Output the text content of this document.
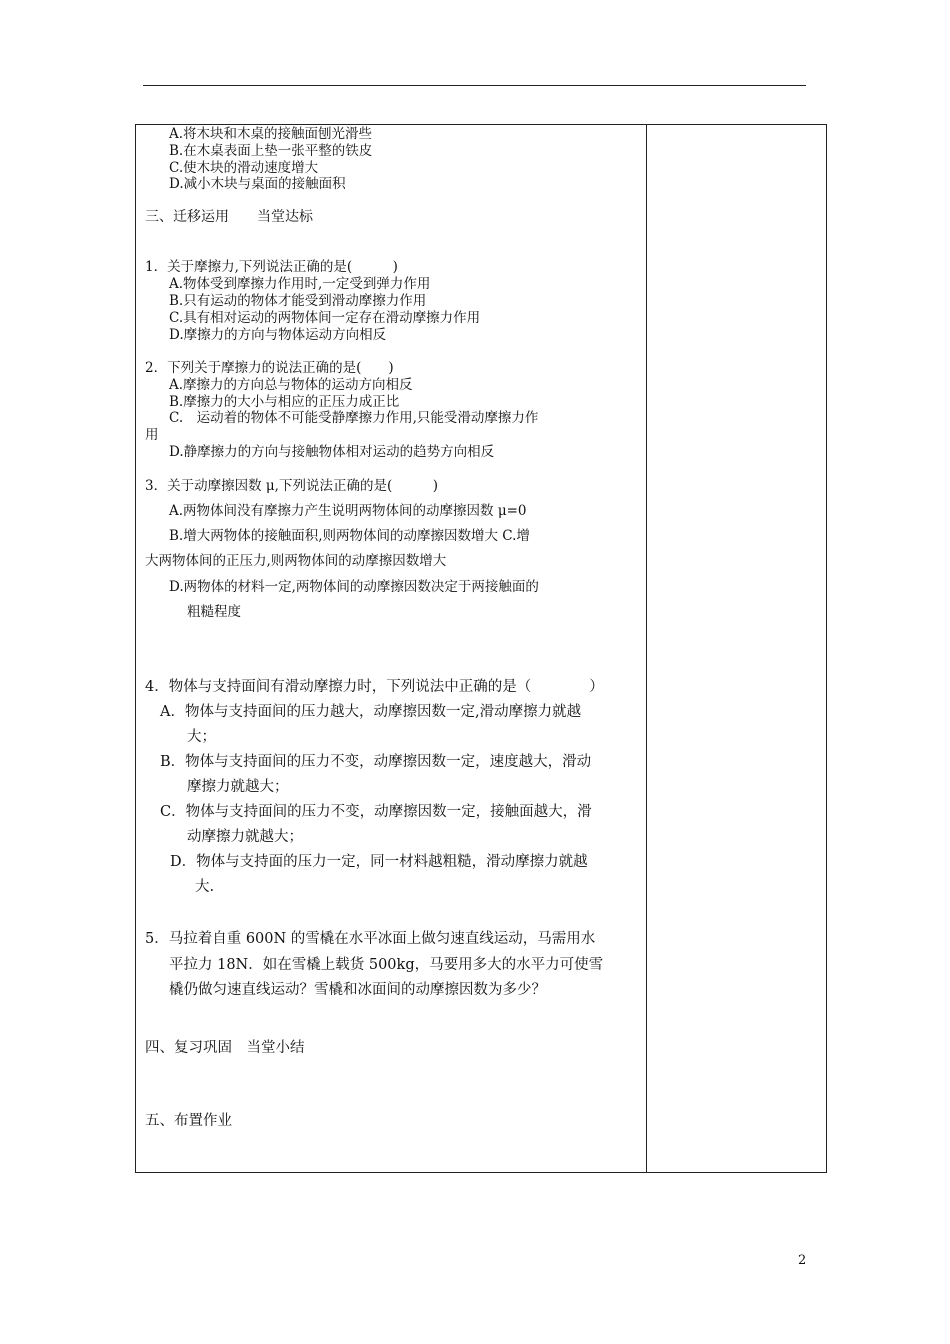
A.将木块和木桌的接触面刨光滑些
B.在木桌表面上垫一张平整的铁皮
C.使木块的滑动速度增大
D.减小木块与桌面的接触面积
三、迁移运用　　当堂达标
1．关于摩擦力,下列说法正确的是(　　　)
A.物体受到摩擦力作用时,一定受到弹力作用
B.只有运动的物体才能受到滑动摩擦力作用
C.具有相对运动的两物体间一定存在滑动摩擦力作用
D.摩擦力的方向与物体运动方向相反
2．下列关于摩擦力的说法正确的是(　　)
A.摩擦力的方向总与物体的运动方向相反
B.摩擦力的大小与相应的正压力成正比
C.　运动着的物体不可能受静摩擦力作用,只能受滑动摩擦力作
用
D.静摩擦力的方向与接触物体相对运动的趋势方向相反
3．关于动摩擦因数 μ,下列说法正确的是(　　　)
A.两物体间没有摩擦力产生说明两物体间的动摩擦因数 μ=0
B.增大两物体的接触面积,则两物体间的动摩擦因数增大 C.增
大两物体间的正压力,则两物体间的动摩擦因数增大
D.两物体的材料一定,两物体间的动摩擦因数决定于两接触面的
粗糙程度
4．物体与支持面间有滑动摩擦力时，下列说法中正确的是（　　　　）
A．物体与支持面间的压力越大，动摩擦因数一定,滑动摩擦力就越
大；
B．物体与支持面间的压力不变，动摩擦因数一定，速度越大，滑动
摩擦力就越大；
C．物体与支持面间的压力不变，动摩擦因数一定，接触面越大，滑
动摩擦力就越大；
D．物体与支持面的压力一定，同一材料越粗糙，滑动摩擦力就越
大.
5．马拉着自重 600N 的雪橇在水平冰面上做匀速直线运动，马需用水
平拉力 18N．如在雪橇上载货 500kg，马要用多大的水平力可使雪
橇仍做匀速直线运动？雪橇和冰面间的动摩擦因数为多少？
四、复习巩固　当堂小结
五、布置作业
2
